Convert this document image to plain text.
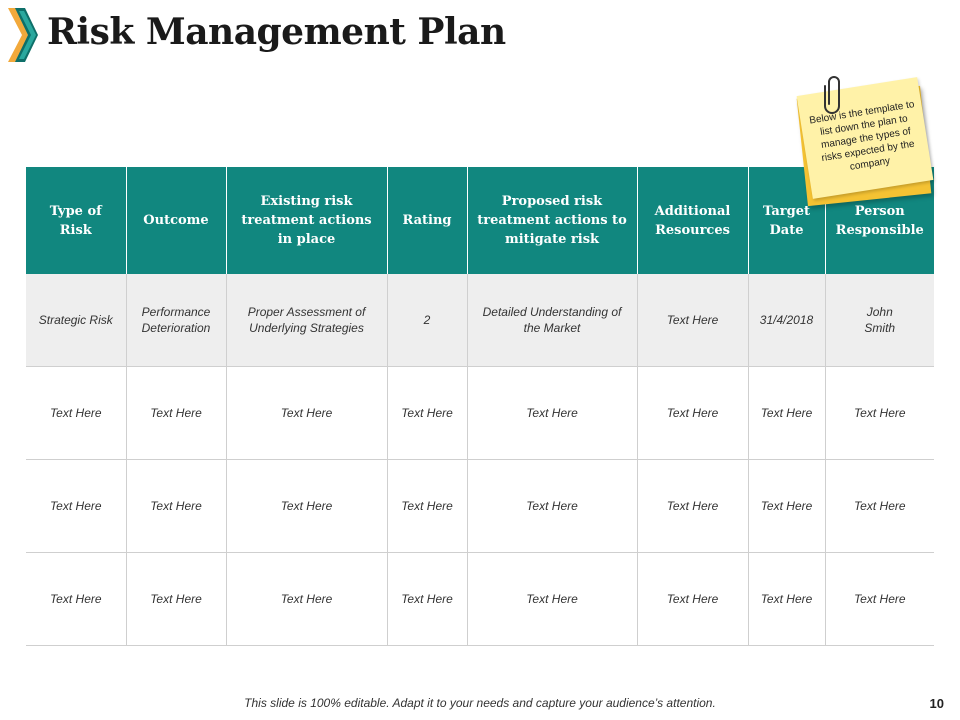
Risk Management Plan
Type of Risk	Outcome	Existing risk treatment actions in place	Rating	Proposed risk treatment actions to mitigate risk	Additional Resources	Target Date	Person Responsible

Strategic Risk	Performance Deterioration	Proper Assessment of Underlying Strategies	2	Detailed Understanding of the Market	Text Here	31/4/2018	John Smith

Text Here	Text Here	Text Here	Text Here	Text Here	Text Here	Text Here	Text Here
Text Here	Text Here	Text Here	Text Here	Text Here	Text Here	Text Here	Text Here
Text Here	Text Here	Text Here	Text Here	Text Here	Text Here	Text Here	Text Here
Below is the template to list down the plan to manage the types of risks expected by the company
This slide is 100% editable. Adapt it to your needs and capture your audience’s attention.	10
